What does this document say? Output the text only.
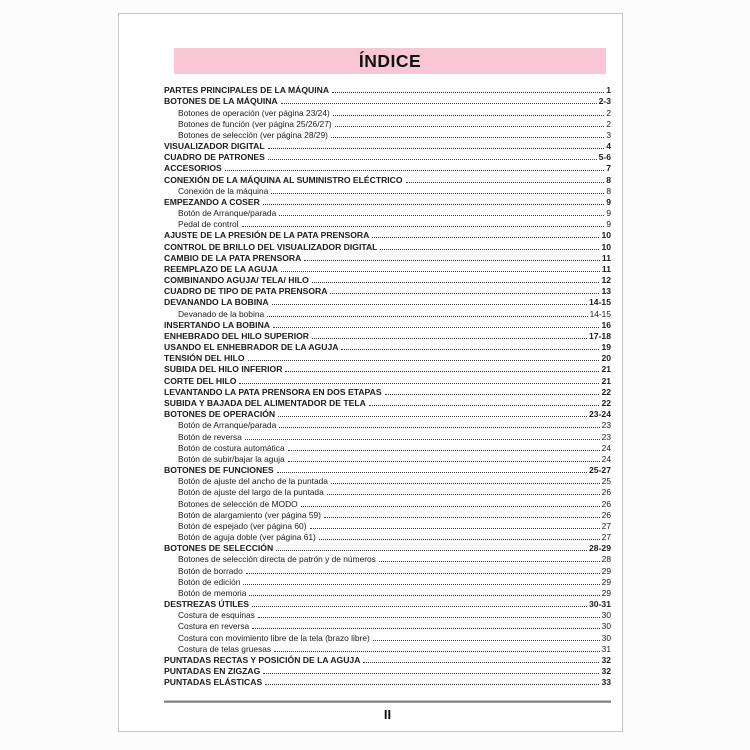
ÍNDICE
PARTES PRINCIPALES DE LA MÁQUINA	1
BOTONES DE LA MÁQUINA	2-3
Botones de operación (ver página 23/24)	2
Botones de función (ver página 25/26/27)	2
Botones de selección (ver página 28/29)	3
VISUALIZADOR DIGITAL	4
CUADRO DE PATRONES	5-6
ACCESORIOS	7
CONEXIÓN DE LA MÁQUINA AL SUMINISTRO ELÉCTRICO	8
Conexión de la máquina	8
EMPEZANDO A COSER	9
Botón de Arranque/parada	9
Pedal de control	9
AJUSTE DE LA PRESIÓN DE LA PATA PRENSORA	10
CONTROL DE BRILLO DEL VISUALIZADOR DIGITAL	10
CAMBIO DE LA PATA PRENSORA	11
REEMPLAZO DE LA AGUJA	11
COMBINANDO AGUJA/ TELA/ HILO	12
CUADRO DE TIPO DE PATA PRENSORA	13
DEVANANDO LA BOBINA	14-15
Devanado de la bobina	14-15
INSERTANDO LA BOBINA	16
ENHEBRADO DEL HILO SUPERIOR	17-18
USANDO EL ENHEBRADOR DE LA AGUJA	19
TENSIÓN DEL HILO	20
SUBIDA DEL HILO INFERIOR	21
CORTE DEL HILO	21
LEVANTANDO LA PATA PRENSORA EN DOS ETAPAS	22
SUBIDA Y BAJADA DEL ALIMENTADOR DE TELA	22
BOTONES DE OPERACIÓN	23-24
Botón de Arranque/parada	23
Botón de reversa	23
Botón de costura automática	24
Botón de subir/bajar la aguja	24
BOTONES DE FUNCIONES	25-27
Botón de ajuste del ancho de la puntada	25
Botón de ajuste del largo de la puntada	26
Botones de selección de MODO	26
Botón de alargamiento (ver página 59)	26
Botón de espejado (ver página 60)	27
Botón de aguja doble (ver página 61)	27
BOTONES DE SELECCIÓN	28-29
Botones de selección directa de patrón y de números	28
Botón de borrado	29
Botón de edición	29
Botón de memoria	29
DESTREZAS ÚTILES	30-31
Costura de esquinas	30
Costura en reversa	30
Costura con movimiento libre de la tela (brazo libre)	30
Costura de telas gruesas	31
PUNTADAS RECTAS Y POSICIÓN DE LA AGUJA	32
PUNTADAS EN ZIGZAG	32
PUNTADAS ELÁSTICAS	33
II
